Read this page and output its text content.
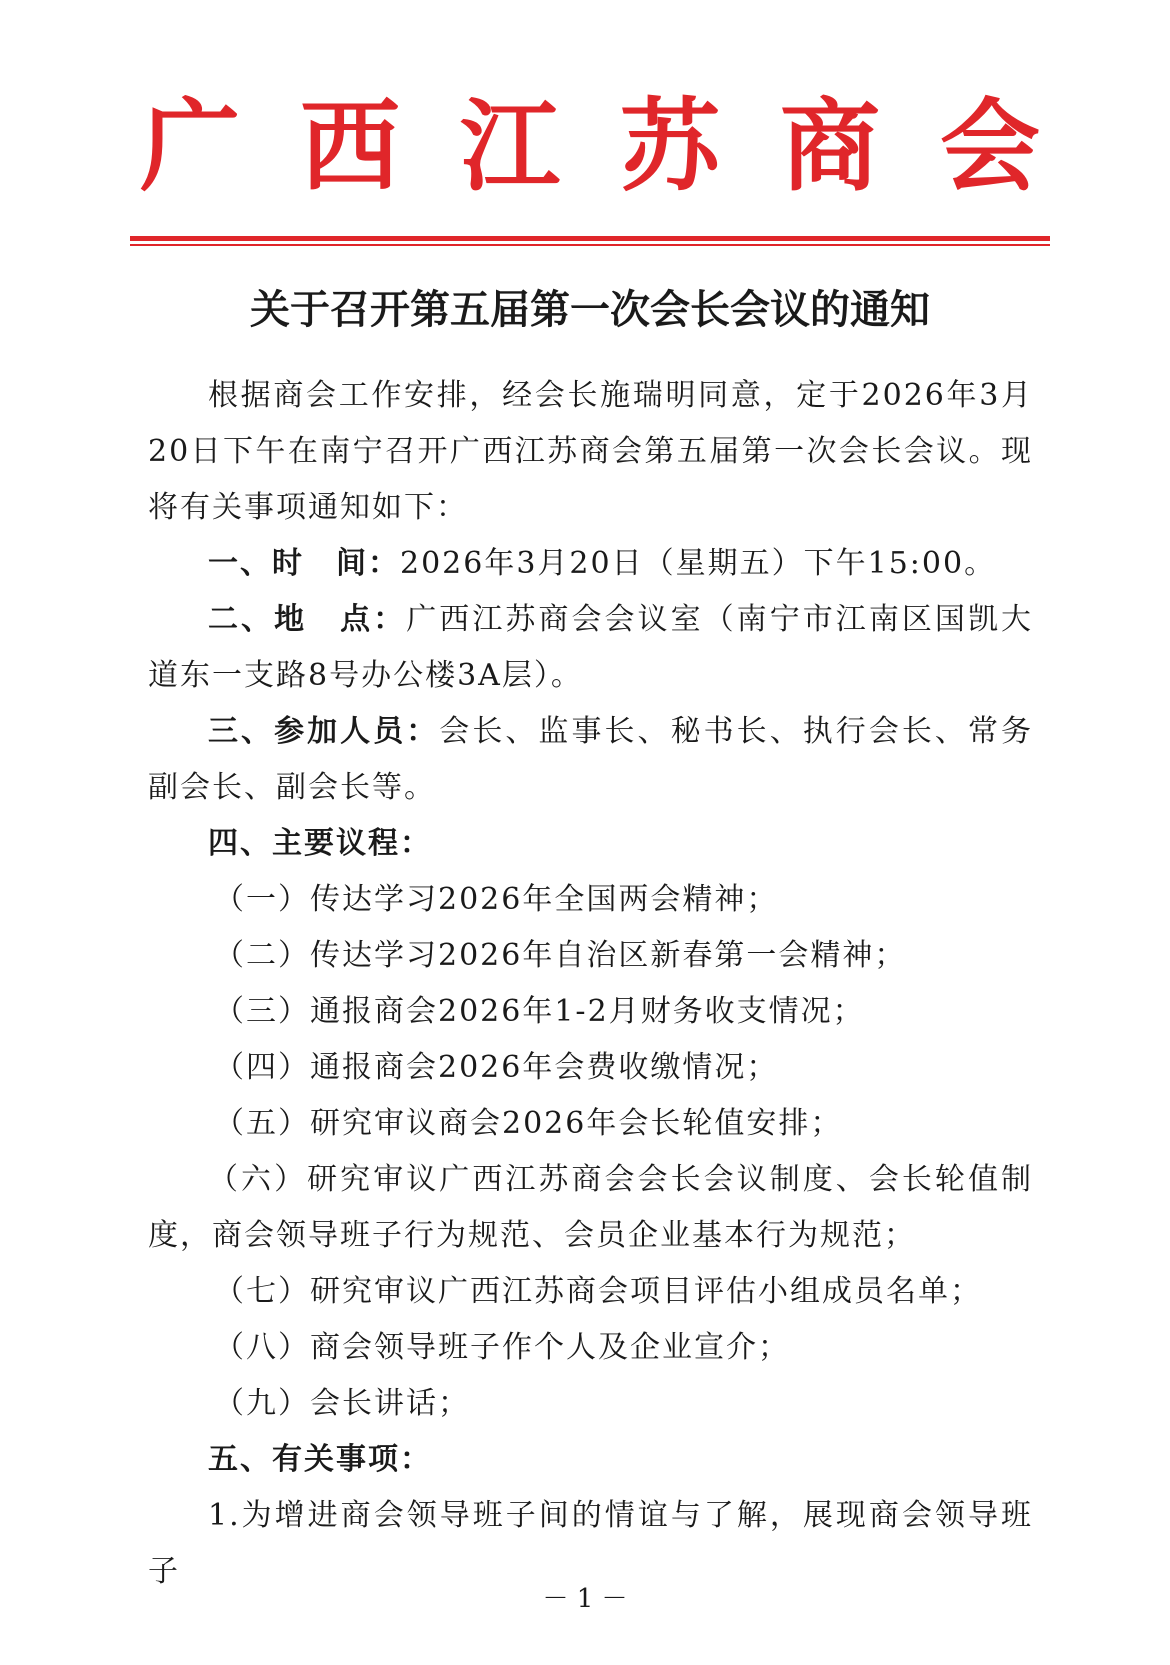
广 西 江 苏 商 会
关于召开第五届第一次会长会议的通知

根据商会工作安排，经会长施瑞明同意，定于2026年3月20日下午在南宁召开广西江苏商会第五届第一次会长会议。现将有关事项通知如下：

一、时　间：2026年3月20日（星期五）下午15:00。

二、地　点：广西江苏商会会议室（南宁市江南区国凯大道东一支路8号办公楼3A层）。

三、参加人员：会长、监事长、秘书长、执行会长、常务副会长、副会长等。

四、主要议程：

（一）传达学习2026年全国两会精神；

（二）传达学习2026年自治区新春第一会精神；

（三）通报商会2026年1-2月财务收支情况；

（四）通报商会2026年会费收缴情况；

（五）研究审议商会2026年会长轮值安排；

（六）研究审议广西江苏商会会长会议制度、会长轮值制度，商会领导班子行为规范、会员企业基本行为规范；

（七）研究审议广西江苏商会项目评估小组成员名单；

（八）商会领导班子作个人及企业宣介；

（九）会长讲话；

五、有关事项：

1.为增进商会领导班子间的情谊与了解，展现商会领导班子

－ 1 －
